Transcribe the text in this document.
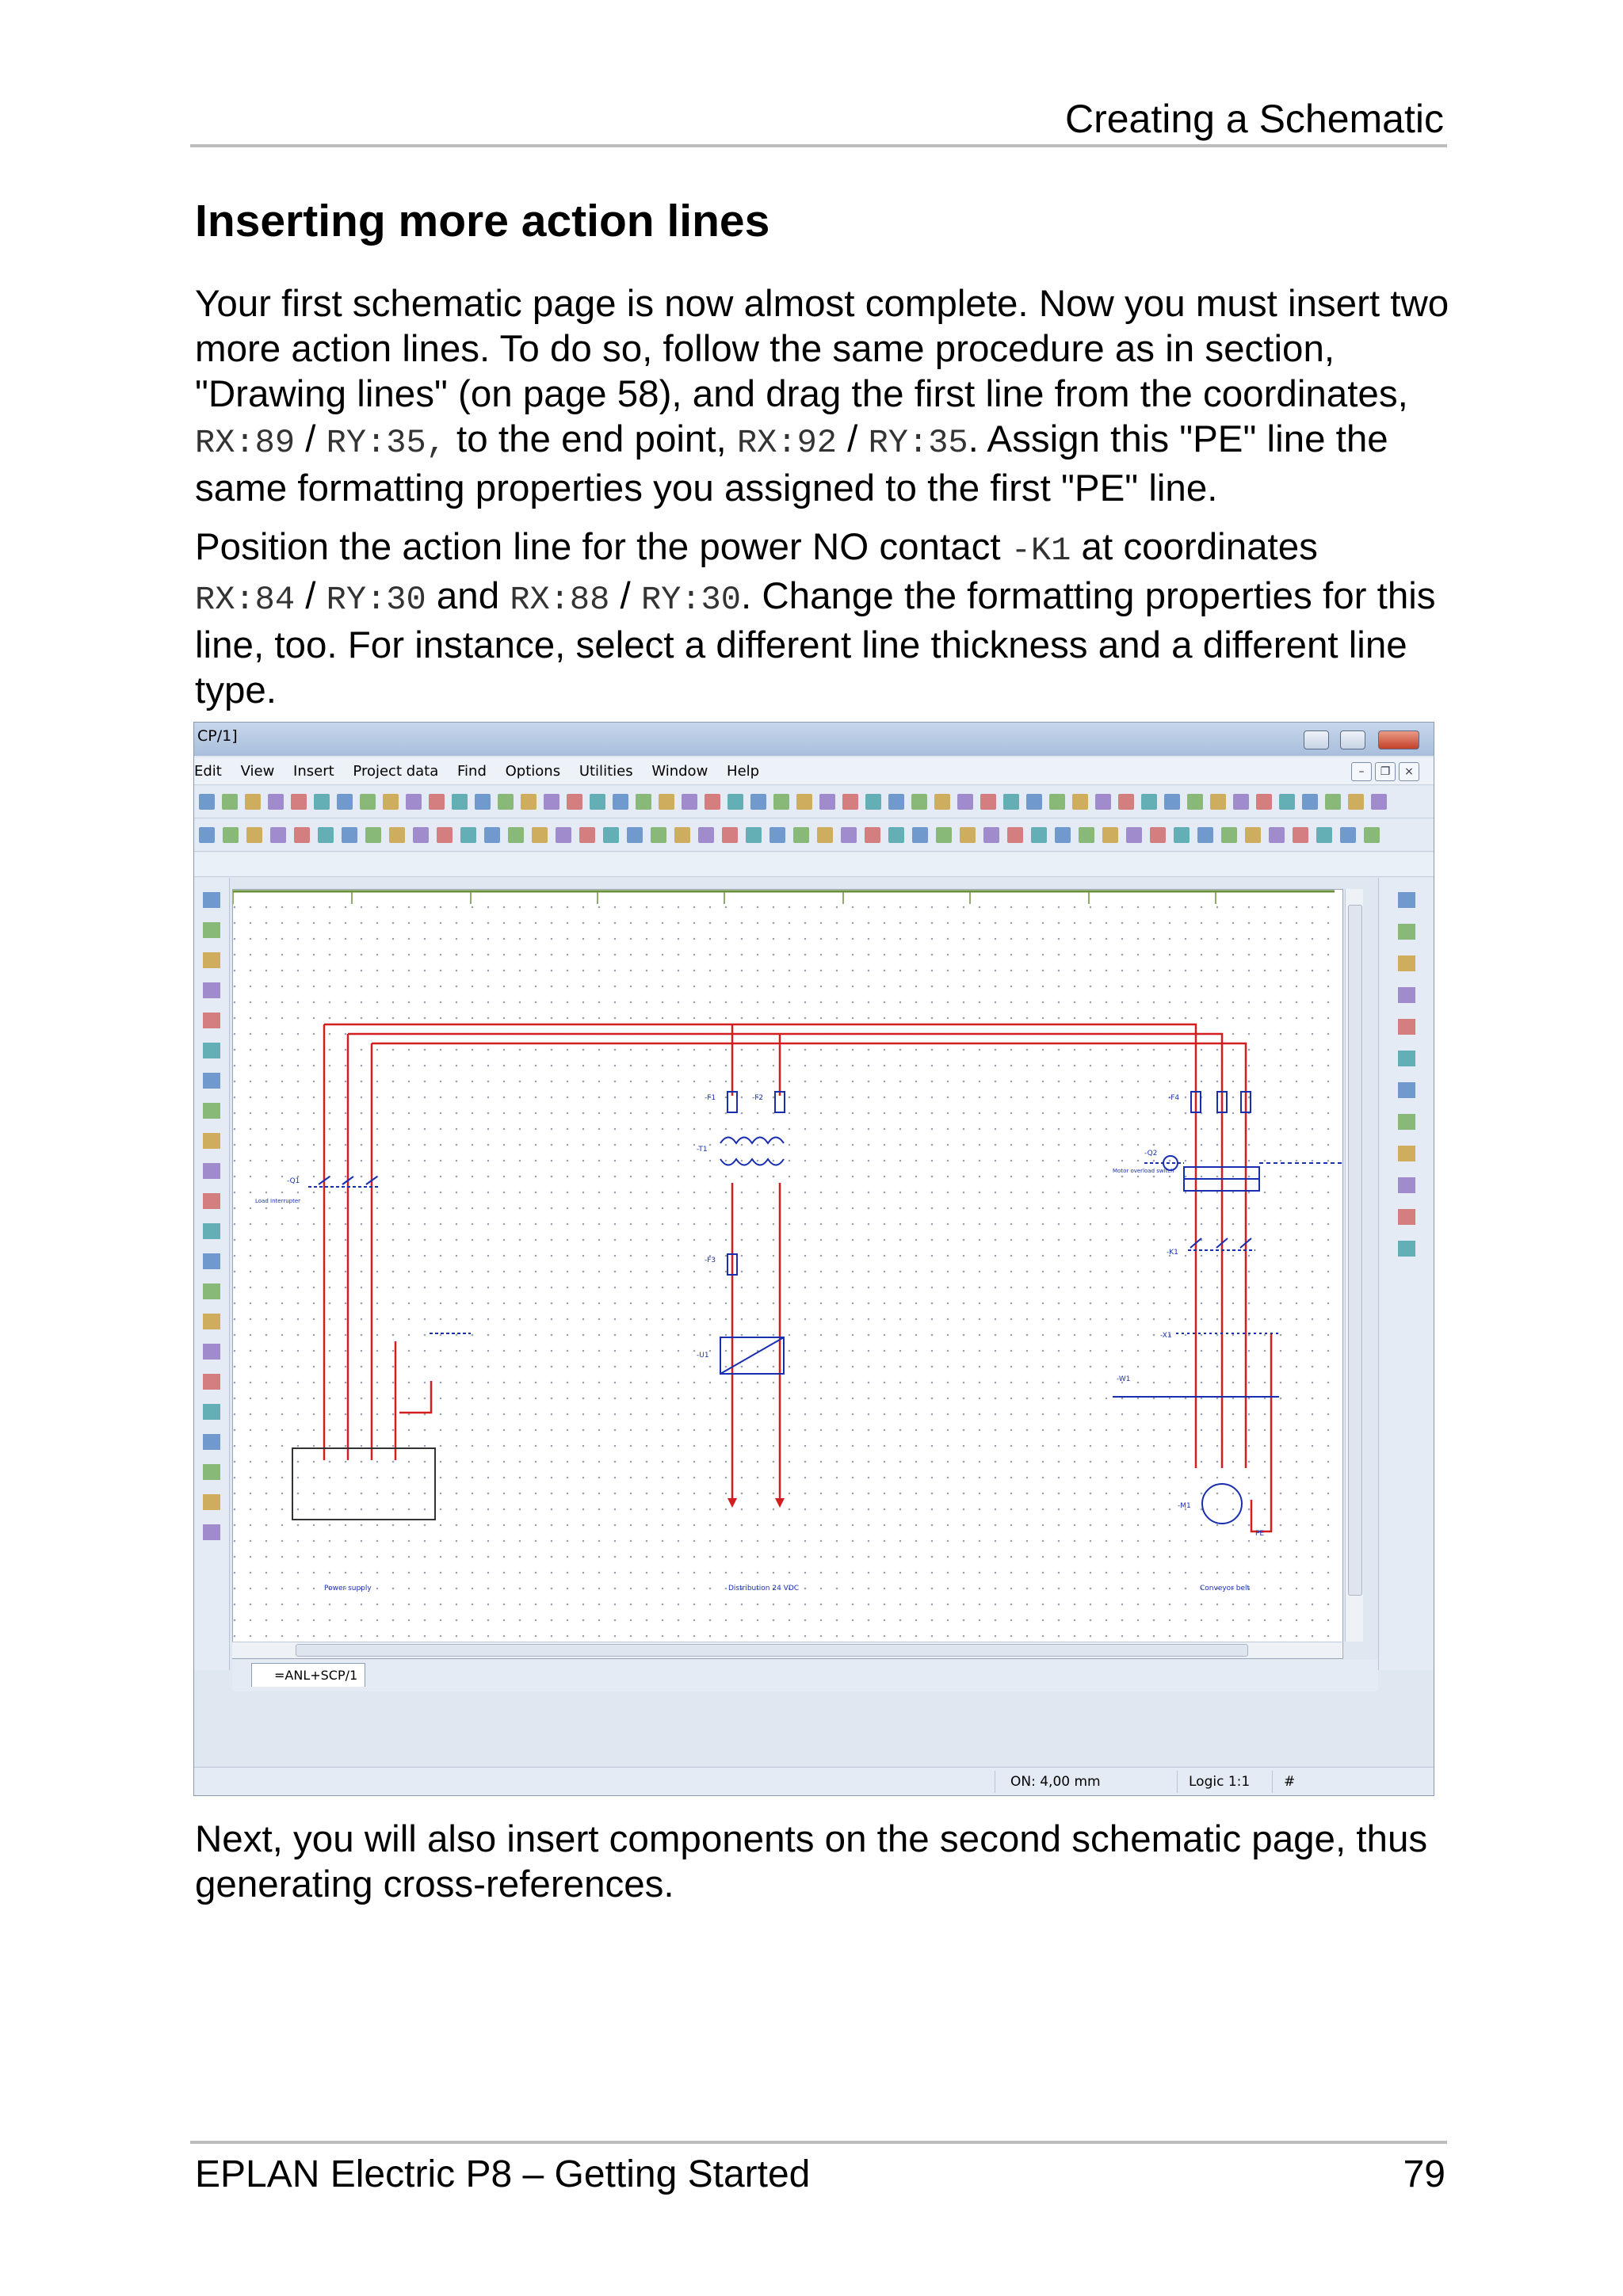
Creating a Schematic
Inserting more action lines
Your first schematic page is now almost complete. Now you must insert two more action lines. To do so, follow the same procedure as in section, "Drawing lines" (on page 58), and drag the first line from the coordinates,
RX:89 / RY:35, to the end point, RX:92 / RY:35. Assign this "PE" line the same formatting properties you assigned to the first "PE" line.
Position the action line for the power NO contact -K1 at coordinates
RX:84 / RY:30 and RX:88 / RY:30. Change the formatting properties for this line, too. For instance, select a different line thickness and a different line type.
CP/1]
Edit View Insert Project data Find Options Utilities Window Help	–	❐	×
-Q1
Load Interrupter
-F1	-F2
-T1
-F3
-U1
-F4
-Q2
Motor overload switch
-K1
-X1
-W1
-M1
PE
Power supply	Distribution 24 VDC	Conveyor belt
=ANL+SCP/1
ON: 4,00 mm	Logic 1:1	#
Next, you will also insert components on the second schematic page, thus generating cross-references.
EPLAN Electric P8 – Getting Started	79
